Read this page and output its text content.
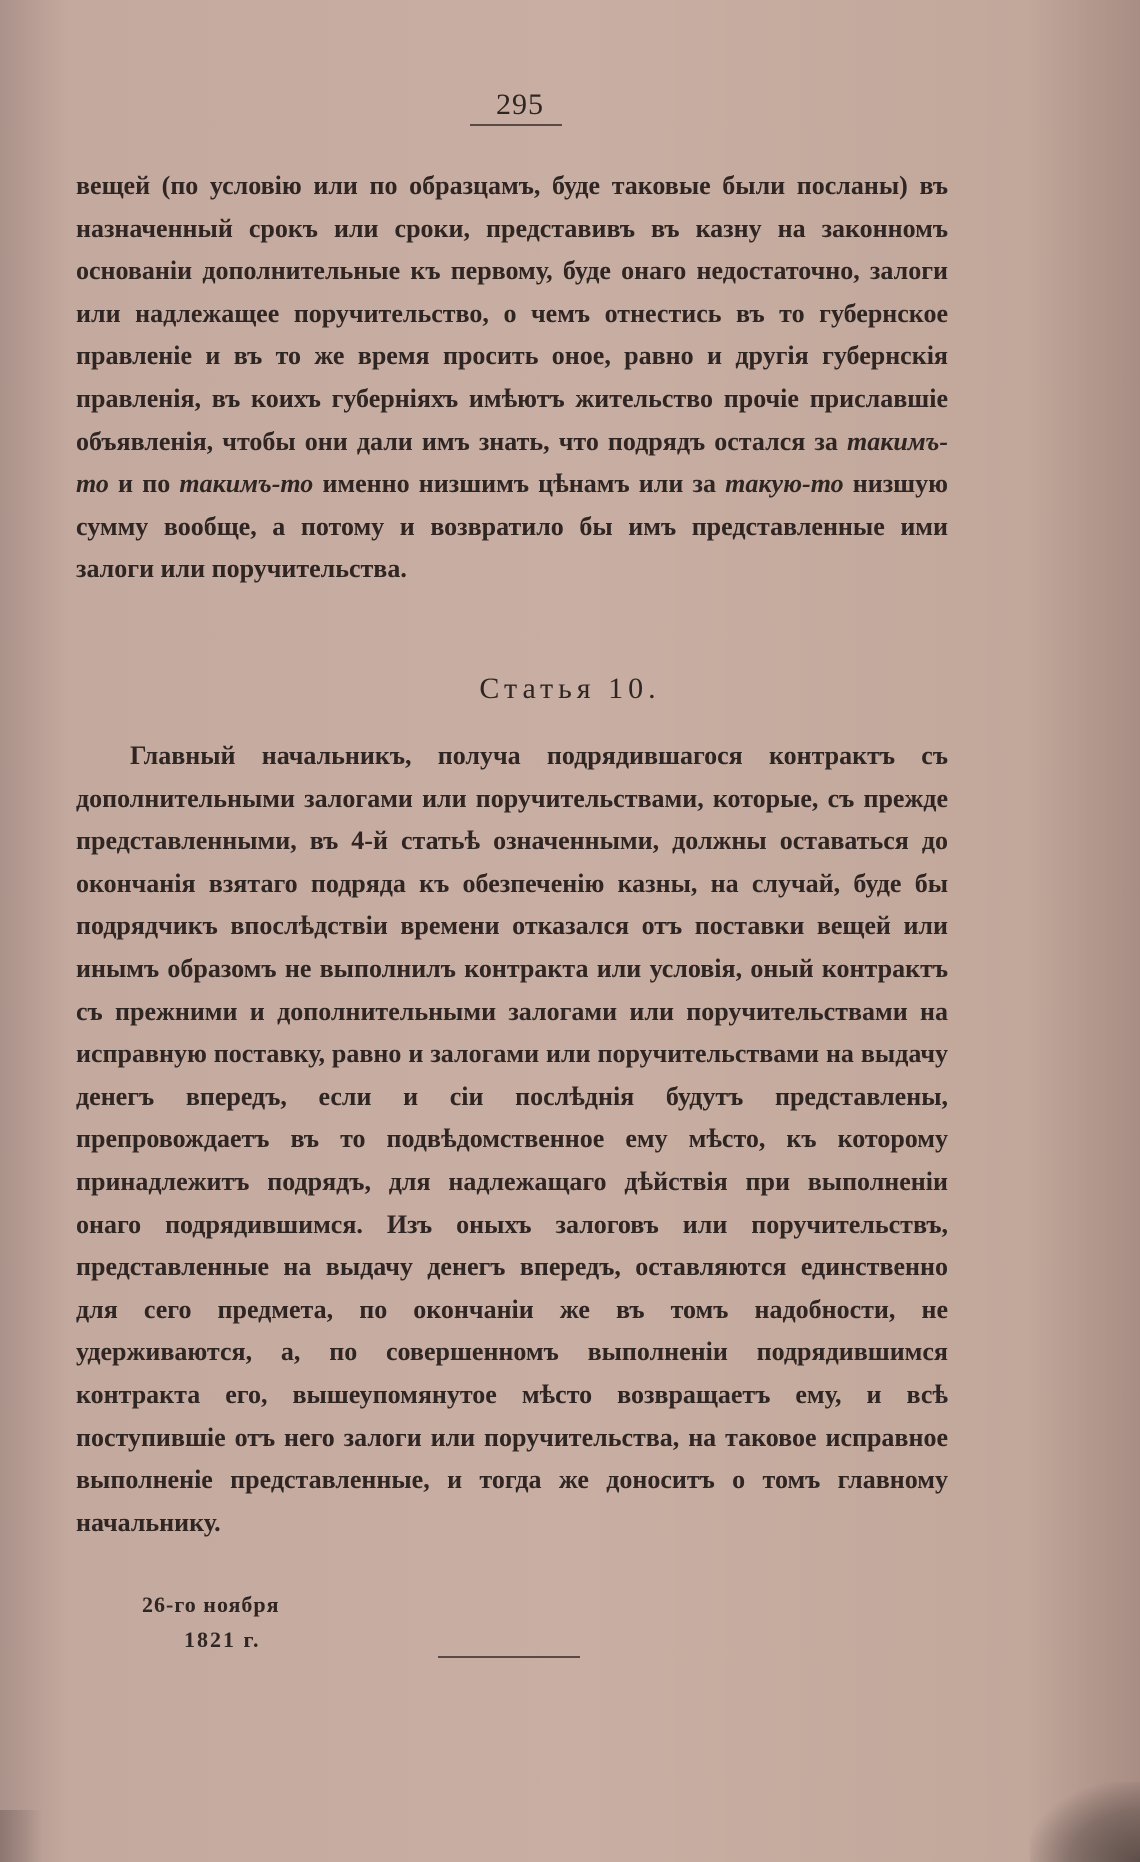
295

вещей (по условію или по образцамъ, буде таковые были посланы) въ назначенный срокъ или сроки, представивъ въ казну на законномъ основаніи дополнительные къ первому, буде онаго недостаточно, залоги или надлежащее поручительство, о чемъ отнестись въ то губернское правленіе и въ то же время просить оное, равно и другія губернскія правленія, въ коихъ губерніяхъ имѣютъ жительство прочіе приславшіе объявленія, чтобы они дали имъ знать, что подрядъ остался за такимъ-то и по такимъ-то именно низшимъ цѣнамъ или за такую-то низшую сумму вообще, а потому и возвратило бы имъ представленные ими залоги или поручительства.

Статья 10.

Главный начальникъ, получа подрядившагося контрактъ съ дополнительными залогами или поручительствами, которые, съ прежде представленными, въ 4-й статьѣ означенными, должны оставаться до окончанія взятаго подряда къ обезпеченію казны, на случай, буде бы подрядчикъ впослѣдствіи времени отказался отъ поставки вещей или инымъ образомъ не выполнилъ контракта или условія, оный контрактъ съ прежними и дополнительными залогами или поручительствами на исправную поставку, равно и залогами или поручительствами на выдачу денегъ впередъ, если и сіи послѣднія будутъ представлены, препровождаетъ въ то подвѣдомственное ему мѣсто, къ которому принадлежитъ подрядъ, для надлежащаго дѣйствія при выполненіи онаго подрядившимся. Изъ оныхъ залоговъ или поручительствъ, представленные на выдачу денегъ впередъ, оставляются единственно для сего предмета, по окончаніи же въ томъ надобности, не удерживаются, а, по совершенномъ выполненіи подрядившимся контракта его, вышеупомянутое мѣсто возвращаетъ ему, и всѣ поступившіе отъ него залоги или поручительства, на таковое исправное выполненіе представленные, и тогда же доноситъ о томъ главному начальнику.

26-го ноября
1821 г.
